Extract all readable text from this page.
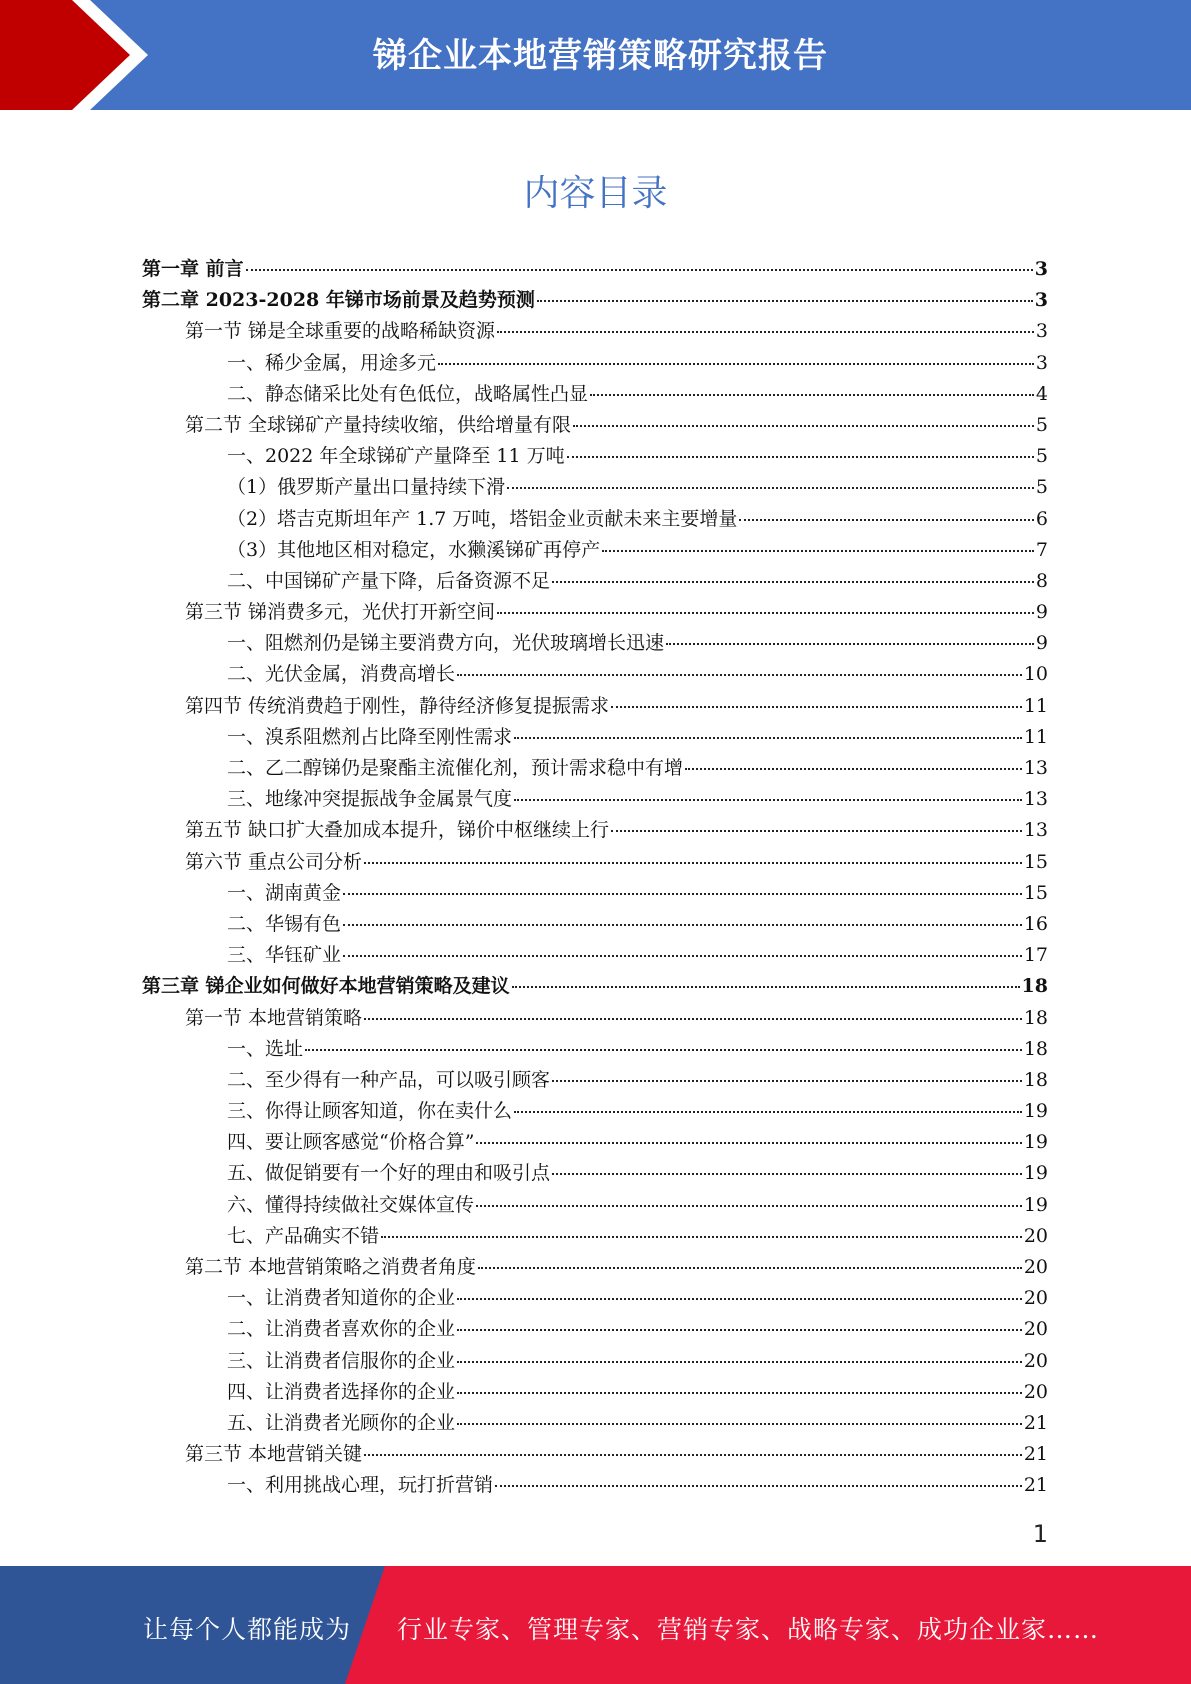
锑企业本地营销策略研究报告
内容目录
第一章 前言	3
第二章 2023-2028 年锑市场前景及趋势预测	3
第一节 锑是全球重要的战略稀缺资源	3
一、稀少金属，用途多元	3
二、静态储采比处有色低位，战略属性凸显	4
第二节 全球锑矿产量持续收缩，供给增量有限	5
一、2022 年全球锑矿产量降至 11 万吨	5
（1）俄罗斯产量出口量持续下滑	5
（2）塔吉克斯坦年产 1.7 万吨，塔铝金业贡献未来主要增量	6
（3）其他地区相对稳定，水獭溪锑矿再停产	7
二、中国锑矿产量下降，后备资源不足	8
第三节 锑消费多元，光伏打开新空间	9
一、阻燃剂仍是锑主要消费方向，光伏玻璃增长迅速	9
二、光伏金属，消费高增长	10
第四节 传统消费趋于刚性，静待经济修复提振需求	11
一、溴系阻燃剂占比降至刚性需求	11
二、乙二醇锑仍是聚酯主流催化剂，预计需求稳中有增	13
三、地缘冲突提振战争金属景气度	13
第五节 缺口扩大叠加成本提升，锑价中枢继续上行	13
第六节 重点公司分析	15
一、湖南黄金	15
二、华锡有色	16
三、华钰矿业	17
第三章 锑企业如何做好本地营销策略及建议	18
第一节 本地营销策略	18
一、选址	18
二、至少得有一种产品，可以吸引顾客	18
三、你得让顾客知道，你在卖什么	19
四、要让顾客感觉“价格合算”	19
五、做促销要有一个好的理由和吸引点	19
六、懂得持续做社交媒体宣传	19
七、产品确实不错	20
第二节 本地营销策略之消费者角度	20
一、让消费者知道你的企业	20
二、让消费者喜欢你的企业	20
三、让消费者信服你的企业	20
四、让消费者选择你的企业	20
五、让消费者光顾你的企业	21
第三节 本地营销关键	21
一、利用挑战心理，玩打折营销	21
1
让每个人都能成为 行业专家、管理专家、营销专家、战略专家、成功企业家……
